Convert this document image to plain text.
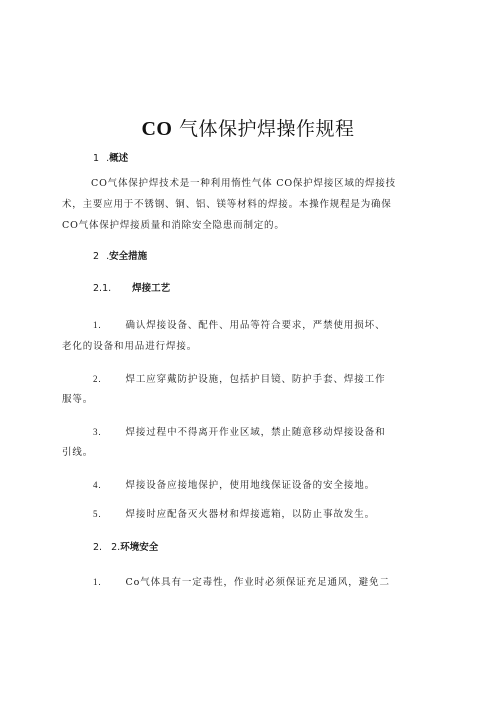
CO 气体保护焊操作规程
1 .概述
CO气体保护焊技术是一种利用惰性气体 CO保护焊接区域的焊接技
术，主要应用于不锈钢、铜、铝、镁等材料的焊接。本操作规程是为确保
CO气体保护焊接质量和消除安全隐患而制定的。
2 .安全措施
2.1. 焊接工艺
1.	确认焊接设备、配件、用品等符合要求，严禁使用损坏、
老化的设备和用品进行焊接。
2.	焊工应穿戴防护设施，包括护目镜、防护手套、焊接工作
服等。
3.	焊接过程中不得离开作业区域，禁止随意移动焊接设备和
引线。
4.	焊接设备应接地保护，使用地线保证设备的安全接地。
5.	焊接时应配备灭火器材和焊接遮箱，以防止事故发生。
2. 2.环境安全
1.	Co气体具有一定毒性，作业时必须保证充足通风，避免二
